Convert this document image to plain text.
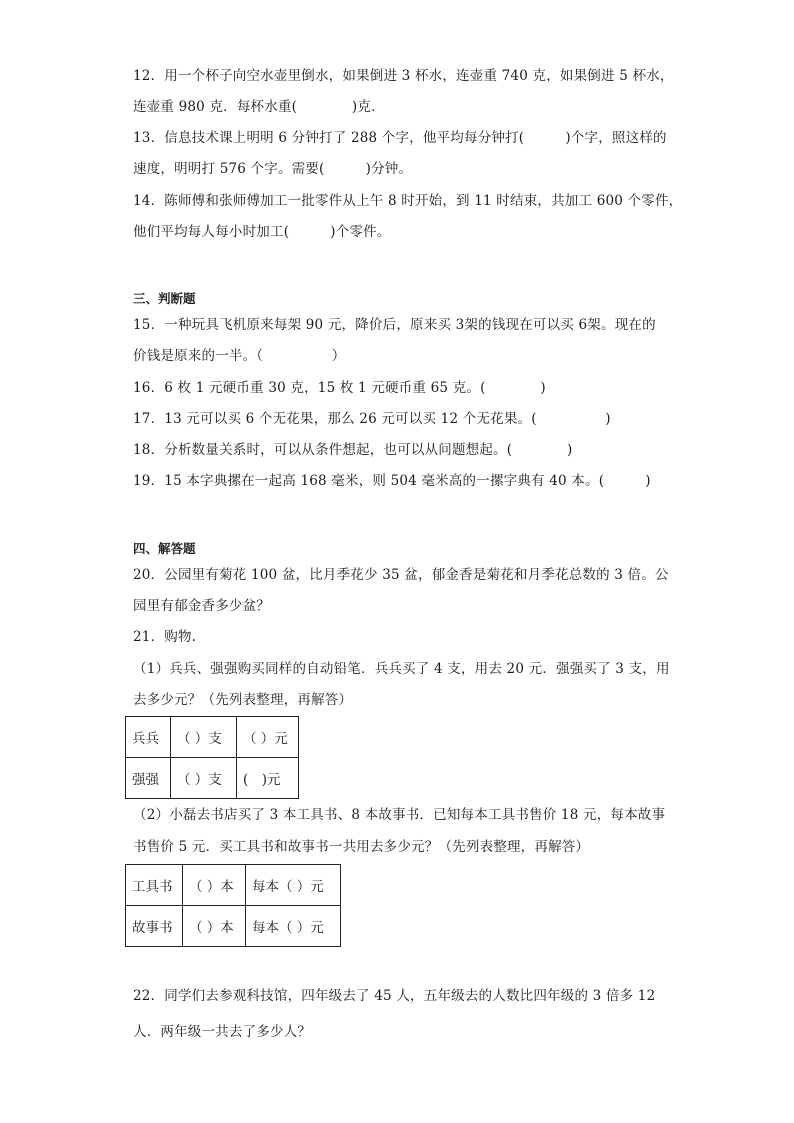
12．用一个杯子向空水壶里倒水，如果倒进 3 杯水，连壶重 740 克，如果倒进 5 杯水，
连壶重 980 克．每杯水重(　　　　)克．
13．信息技术课上明明 6 分钟打了 288 个字，他平均每分钟打(　　　)个字，照这样的
速度，明明打 576 个字。需要(　　　)分钟。
14．陈师傅和张师傅加工一批零件从上午 8 时开始，到 11 时结束，共加工 600 个零件，
他们平均每人每小时加工(　　　)个零件。
三、判断题
15．一种玩具飞机原来每架 90 元，降价后，原来买 3架的钱现在可以买 6架。现在的
价钱是原来的一半。（　　　　　）
16．6 枚 1 元硬币重 30 克，15 枚 1 元硬币重 65 克。(　　　　)
17．13 元可以买 6 个无花果，那么 26 元可以买 12 个无花果。(　　　　　)
18．分析数量关系时，可以从条件想起，也可以从问题想起。(　　　　)
19．15 本字典摞在一起高 168 毫米，则 504 毫米高的一摞字典有 40 本。(　　　)
四、解答题
20．公园里有菊花 100 盆，比月季花少 35 盆，郁金香是菊花和月季花总数的 3 倍。公
园里有郁金香多少盆？
21．购物.
（1）兵兵、强强购买同样的自动铅笔．兵兵买了 4 支，用去 20 元．强强买了 3 支，用
去多少元？（先列表整理，再解答）
兵兵	（ ）支	（ ）元
强强	（ ）支	(　)元
（2）小磊去书店买了 3 本工具书、8 本故事书．已知每本工具书售价 18 元，每本故事
书售价 5 元．买工具书和故事书一共用去多少元？（先列表整理，再解答）
工具书	（ ）本	每本（ ）元
故事书	（ ）本	每本（ ）元
22．同学们去参观科技馆，四年级去了 45 人，五年级去的人数比四年级的 3 倍多 12
人．两年级一共去了多少人？
